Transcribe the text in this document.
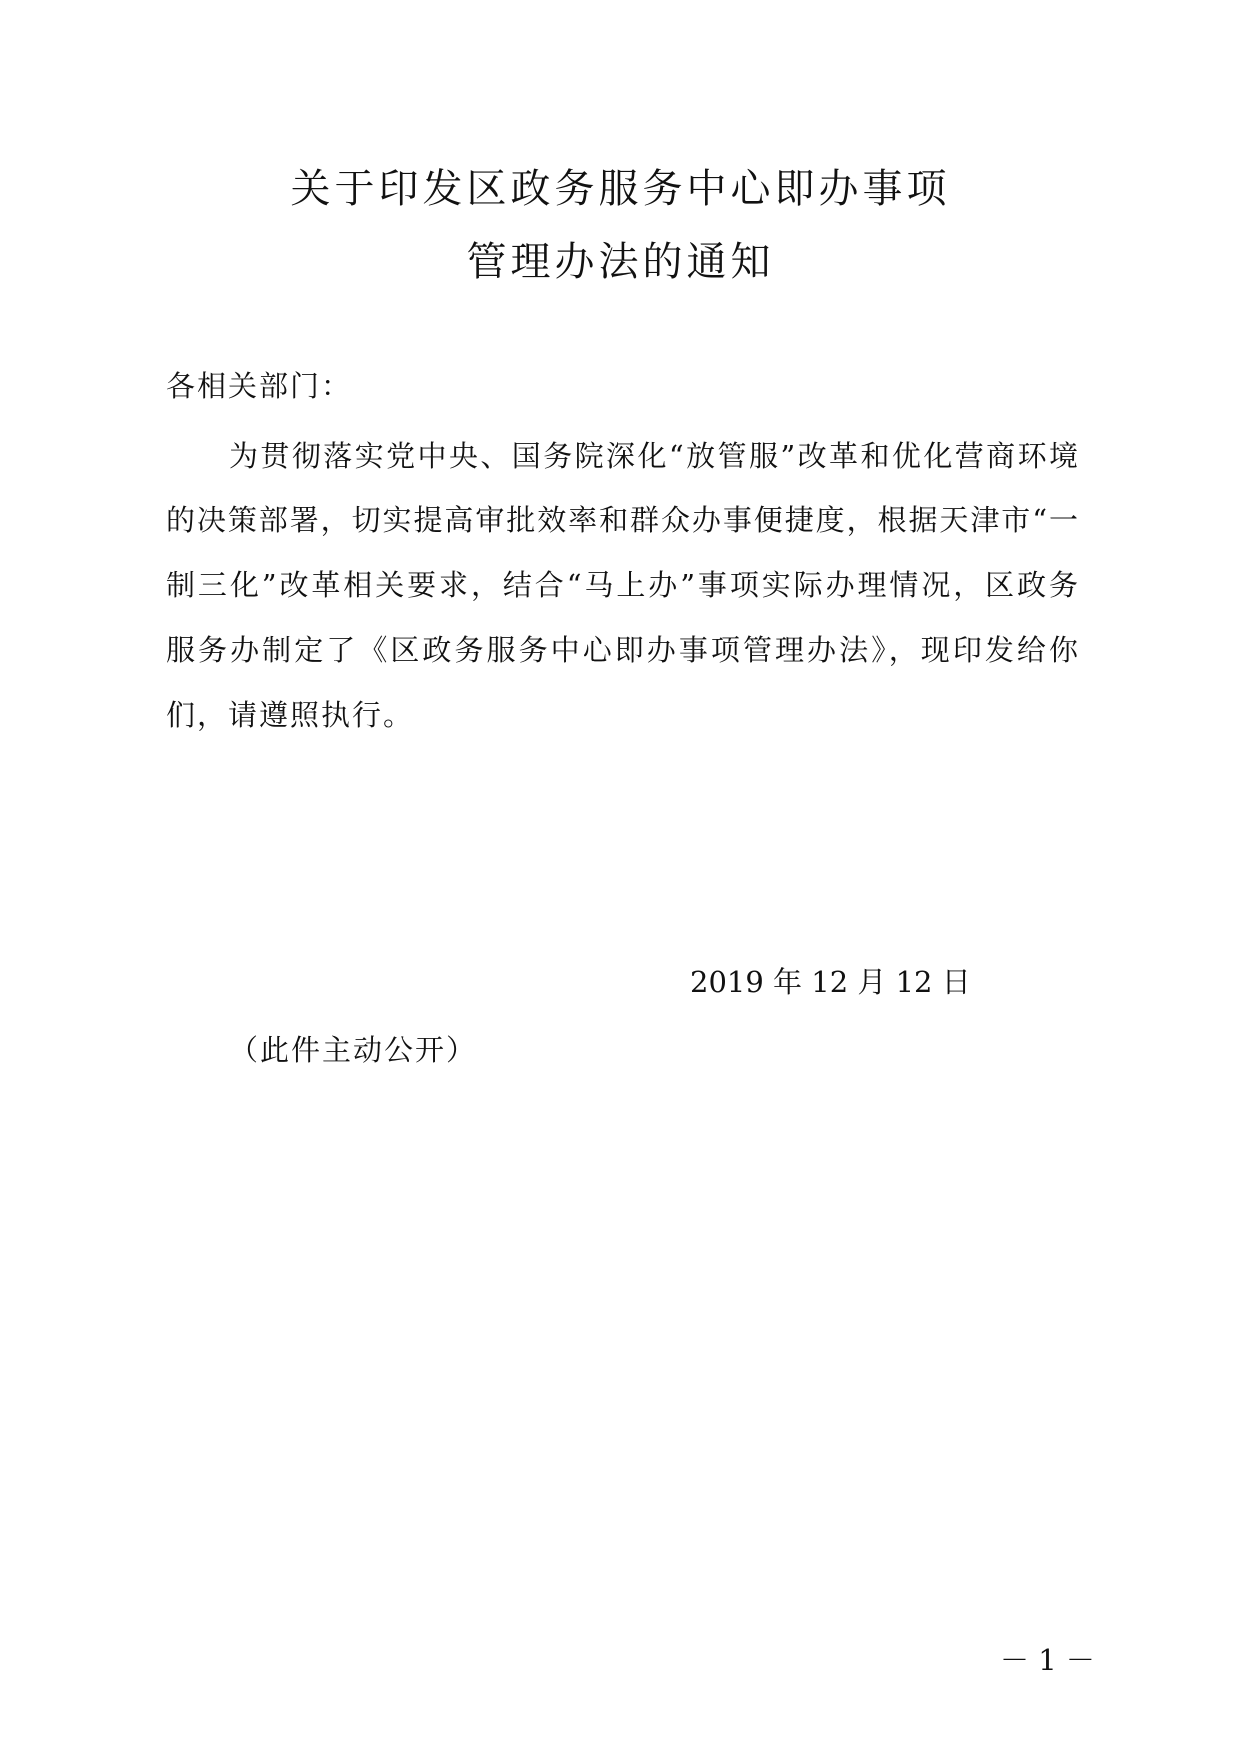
关于印发区政务服务中心即办事项
管理办法的通知
各相关部门：
为贯彻落实党中央、国务院深化“放管服”改革和优化营商环境
的决策部署，切实提高审批效率和群众办事便捷度，根据天津市“一
制三化”改革相关要求，结合“马上办”事项实际办理情况，区政务
服务办制定了《区政务服务中心即办事项管理办法》，现印发给你
们，请遵照执行。
2019 年 12 月 12 日
（此件主动公开）
－ 1 －
